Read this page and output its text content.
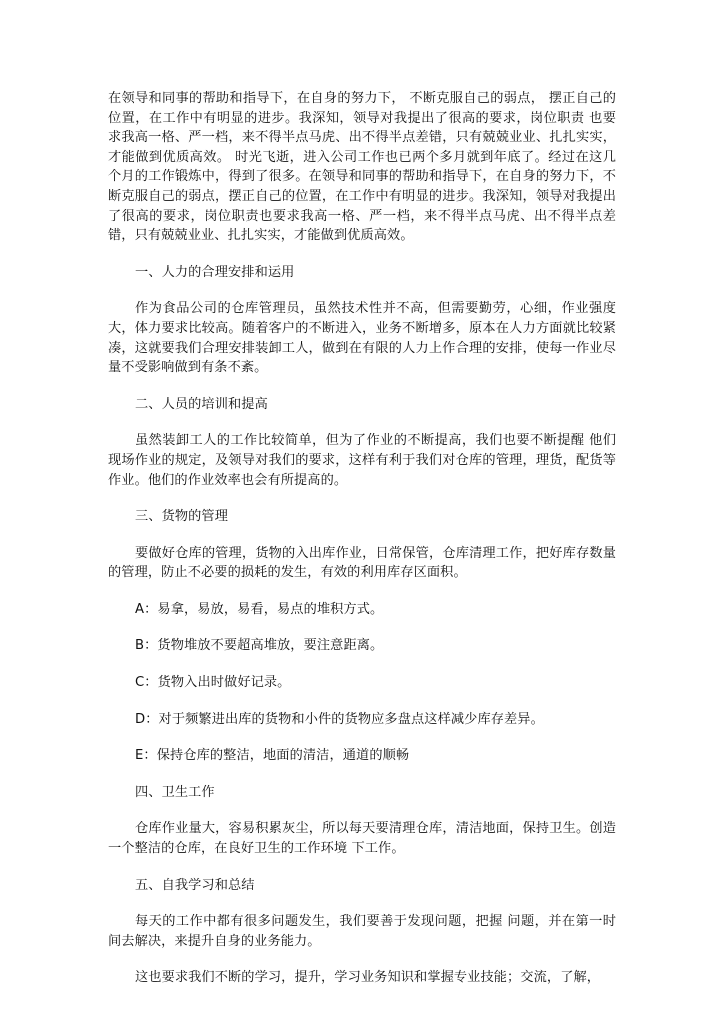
在领导和同事的帮助和指导下，在自身的努力下， 不断克服自己的弱点， 摆正自己的位置，在工作中有明显的进步。我深知，领导对我提出了很高的要求，岗位职责 也要求我高一格、严一档，来不得半点马虎、出不得半点差错，只有兢兢业业、扎扎实实，才能做到优质高效。 时光飞逝，进入公司工作也已两个多月就到年底了。经过在这几个月的工作锻炼中，得到了很多。在领导和同事的帮助和指导下，在自身的努力下，不断克服自己的弱点，摆正自己的位置，在工作中有明显的进步。我深知，领导对我提出了很高的要求，岗位职责也要求我高一格、严一档，来不得半点马虎、出不得半点差错，只有兢兢业业、扎扎实实，才能做到优质高效。

一、人力的合理安排和运用

作为食品公司的仓库管理员，虽然技术性并不高，但需要勤劳，心细，作业强度大，体力要求比较高。随着客户的不断进入，业务不断增多，原本在人力方面就比较紧凑，这就要我们合理安排装卸工人，做到在有限的人力上作合理的安排，使每一作业尽量不受影响做到有条不紊。

二、人员的培训和提高

虽然装卸工人的工作比较简单，但为了作业的不断提高，我们也要不断提醒 他们现场作业的规定，及领导对我们的要求，这样有利于我们对仓库的管理，理货，配货等作业。他们的作业效率也会有所提高的。

三、货物的管理

要做好仓库的管理，货物的入出库作业，日常保管，仓库清理工作，把好库存数量的管理，防止不必要的损耗的发生，有效的利用库存区面积。

A：易拿，易放，易看，易点的堆积方式。

B：货物堆放不要超高堆放，要注意距离。

C：货物入出时做好记录。

D：对于频繁进出库的货物和小件的货物应多盘点这样减少库存差异。

E：保持仓库的整洁，地面的清洁，通道的顺畅

四、卫生工作

仓库作业量大，容易积累灰尘，所以每天要清理仓库，清洁地面，保持卫生。创造一个整洁的仓库，在良好卫生的工作环境 下工作。

五、自我学习和总结

每天的工作中都有很多问题发生，我们要善于发现问题，把握 问题，并在第一时间去解决，来提升自身的业务能力。

这也要求我们不断的学习，提升，学习业务知识和掌握专业技能；交流，了解，
